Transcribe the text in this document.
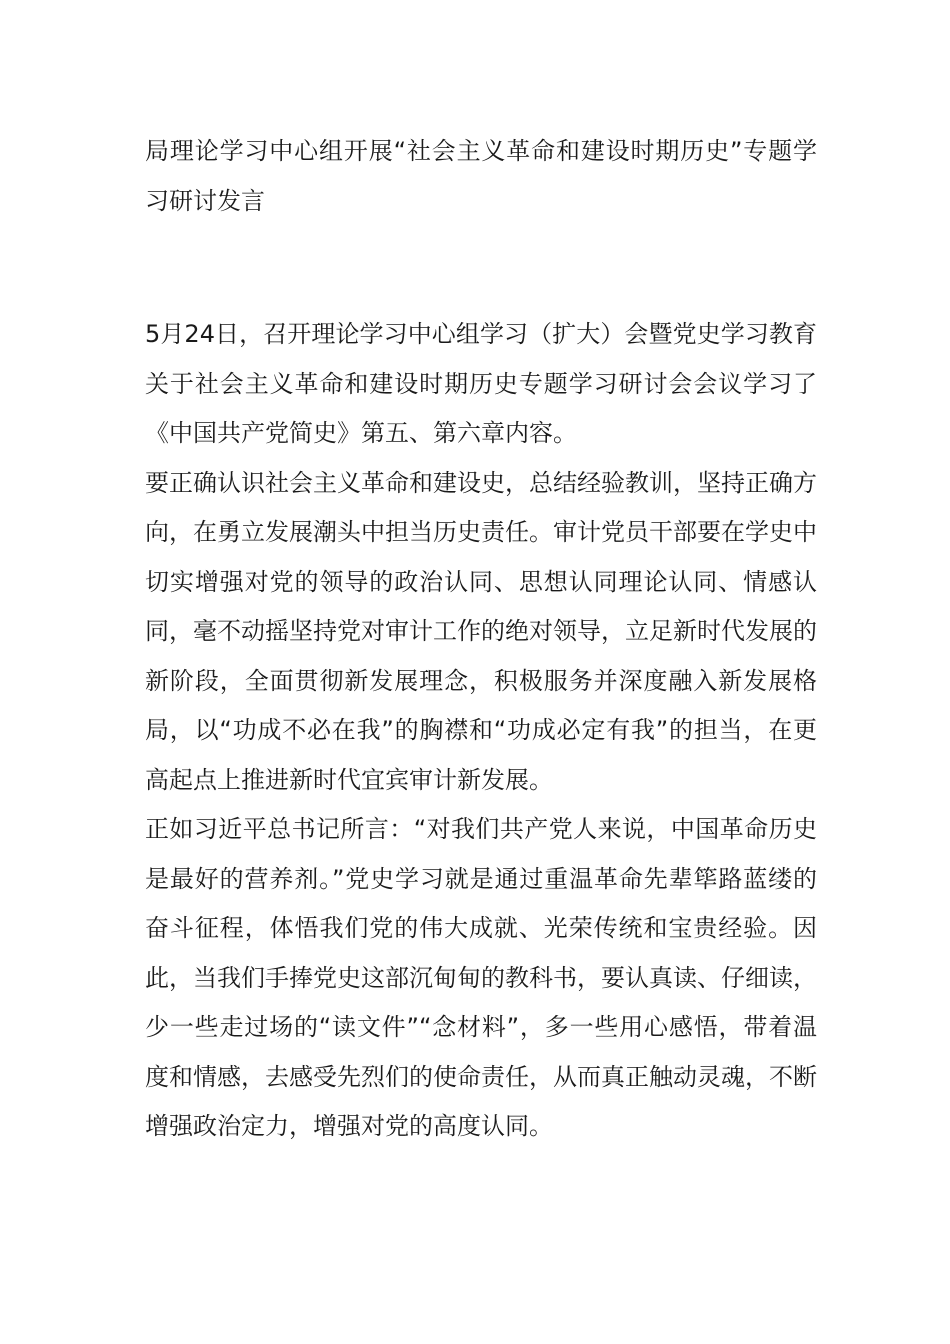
局理论学习中心组开展“社会主义革命和建设时期历史”专题学习研讨发言

5月24日，召开理论学习中心组学习（扩大）会暨党史学习教育关于社会主义革命和建设时期历史专题学习研讨会会议学习了《中国共产党简史》第五、第六章内容。

要正确认识社会主义革命和建设史，总结经验教训，坚持正确方向，在勇立发展潮头中担当历史责任。审计党员干部要在学史中切实增强对党的领导的政治认同、思想认同理论认同、情感认同，毫不动摇坚持党对审计工作的绝对领导，立足新时代发展的新阶段，全面贯彻新发展理念，积极服务并深度融入新发展格局，以“功成不必在我”的胸襟和“功成必定有我”的担当，在更高起点上推进新时代宜宾审计新发展。

正如习近平总书记所言：“对我们共产党人来说，中国革命历史是最好的营养剂。”党史学习就是通过重温革命先辈筚路蓝缕的奋斗征程，体悟我们党的伟大成就、光荣传统和宝贵经验。因此，当我们手捧党史这部沉甸甸的教科书，要认真读、仔细读，少一些走过场的“读文件”“念材料”，多一些用心感悟，带着温度和情感，去感受先烈们的使命责任，从而真正触动灵魂，不断增强政治定力，增强对党的高度认同。
